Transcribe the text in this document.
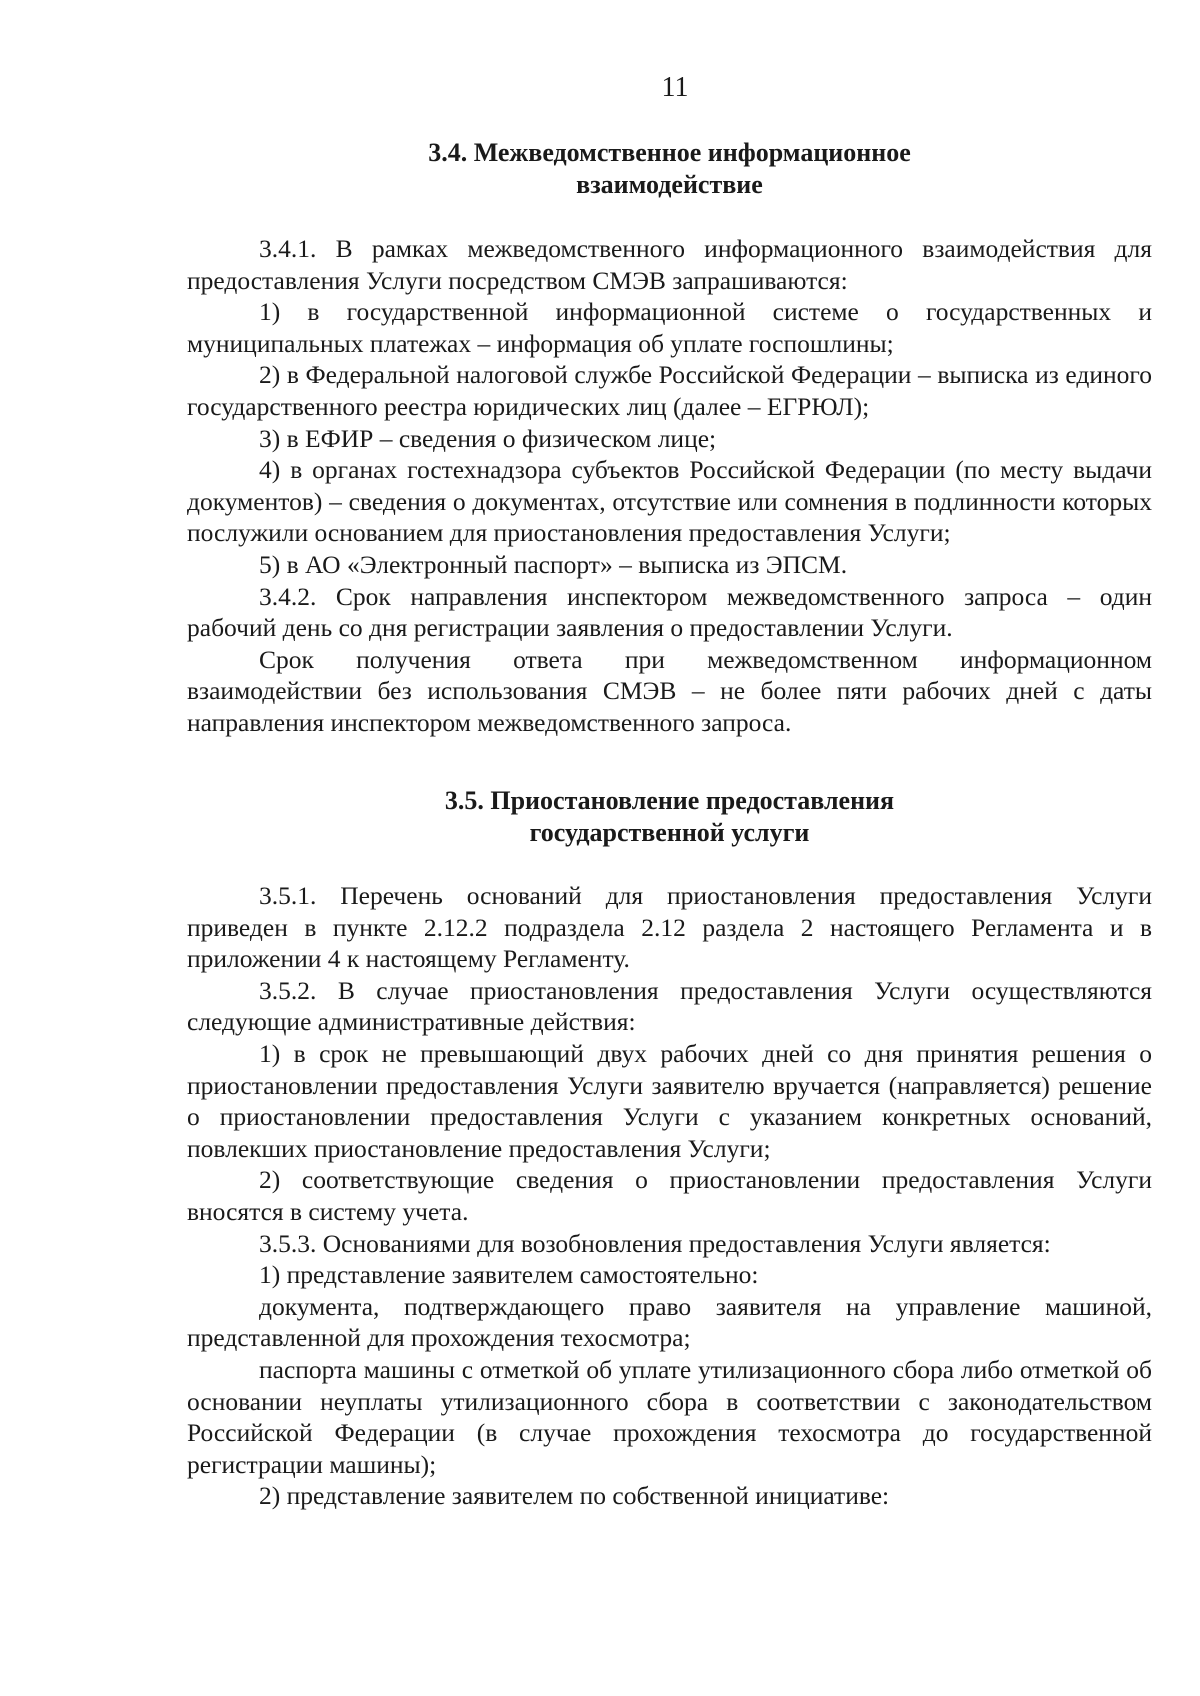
11
3.4. Межведомственное информационное
взаимодействие

3.4.1. В рамках межведомственного информационного взаимодействия для предоставления Услуги посредством СМЭВ запрашиваются:

1) в государственной информационной системе о государственных и муниципальных платежах – информация об уплате госпошлины;

2) в Федеральной налоговой службе Российской Федерации – выписка из единого государственного реестра юридических лиц (далее – ЕГРЮЛ);

3) в ЕФИР – сведения о физическом лице;

4) в органах гостехнадзора субъектов Российской Федерации (по месту выдачи документов) – сведения о документах, отсутствие или сомнения в подлинности которых послужили основанием для приостановления предоставления Услуги;

5) в АО «Электронный паспорт» – выписка из ЭПСМ.

3.4.2. Срок направления инспектором межведомственного запроса – один рабочий день со дня регистрации заявления о предоставлении Услуги.

Срок получения ответа при межведомственном информационном взаимодействии без использования СМЭВ – не более пяти рабочих дней с даты направления инспектором межведомственного запроса.

3.5. Приостановление предоставления
государственной услуги

3.5.1. Перечень оснований для приостановления предоставления Услуги приведен в пункте 2.12.2 подраздела 2.12 раздела 2 настоящего Регламента и в приложении 4 к настоящему Регламенту.

3.5.2. В случае приостановления предоставления Услуги осуществляются следующие административные действия:

1) в срок не превышающий двух рабочих дней со дня принятия решения о приостановлении предоставления Услуги заявителю вручается (направляется) решение о приостановлении предоставления Услуги с указанием конкретных оснований, повлекших приостановление предоставления Услуги;

2) соответствующие сведения о приостановлении предоставления Услуги вносятся в систему учета.

3.5.3. Основаниями для возобновления предоставления Услуги является:

1) представление заявителем самостоятельно:

документа, подтверждающего право заявителя на управление машиной, представленной для прохождения техосмотра;

паспорта машины с отметкой об уплате утилизационного сбора либо отметкой об основании неуплаты утилизационного сбора в соответствии с законодательством Российской Федерации (в случае прохождения техосмотра до государственной регистрации машины);

2) представление заявителем по собственной инициативе:
